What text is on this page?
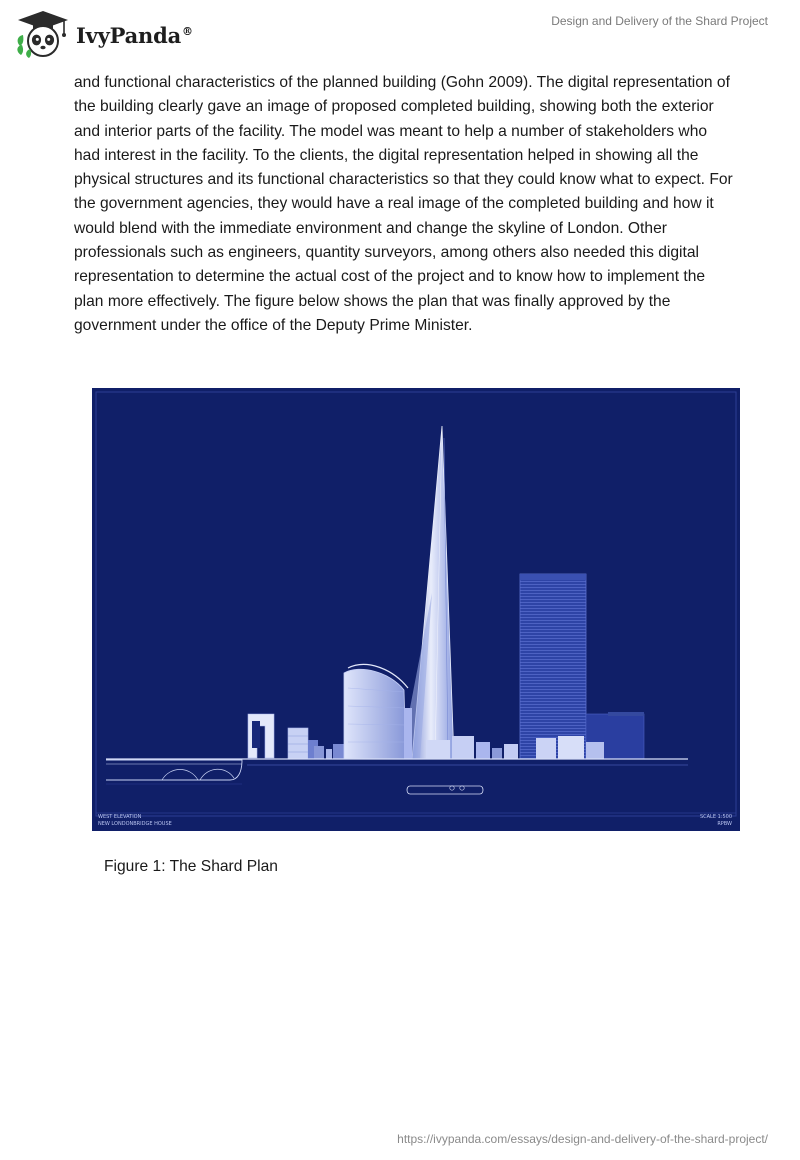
IvyPanda®
Design and Delivery of the Shard Project

and functional characteristics of the planned building (Gohn 2009). The digital representation of the building clearly gave an image of proposed completed building, showing both the exterior and interior parts of the facility. The model was meant to help a number of stakeholders who had interest in the facility. To the clients, the digital representation helped in showing all the physical structures and its functional characteristics so that they could know what to expect. For the government agencies, they would have a real image of the completed building and how it would blend with the immediate environment and change the skyline of London. Other professionals such as engineers, quantity surveyors, among others also needed this digital representation to determine the actual cost of the project and to know how to implement the plan more effectively. The figure below shows the plan that was finally approved by the government under the office of the Deputy Prime Minister.

WEST ELEVATION
NEW LONDONBRIDGE HOUSE
SCALE 1:500
RPBW
Figure 1: The Shard Plan
https://ivypanda.com/essays/design-and-delivery-of-the-shard-project/
